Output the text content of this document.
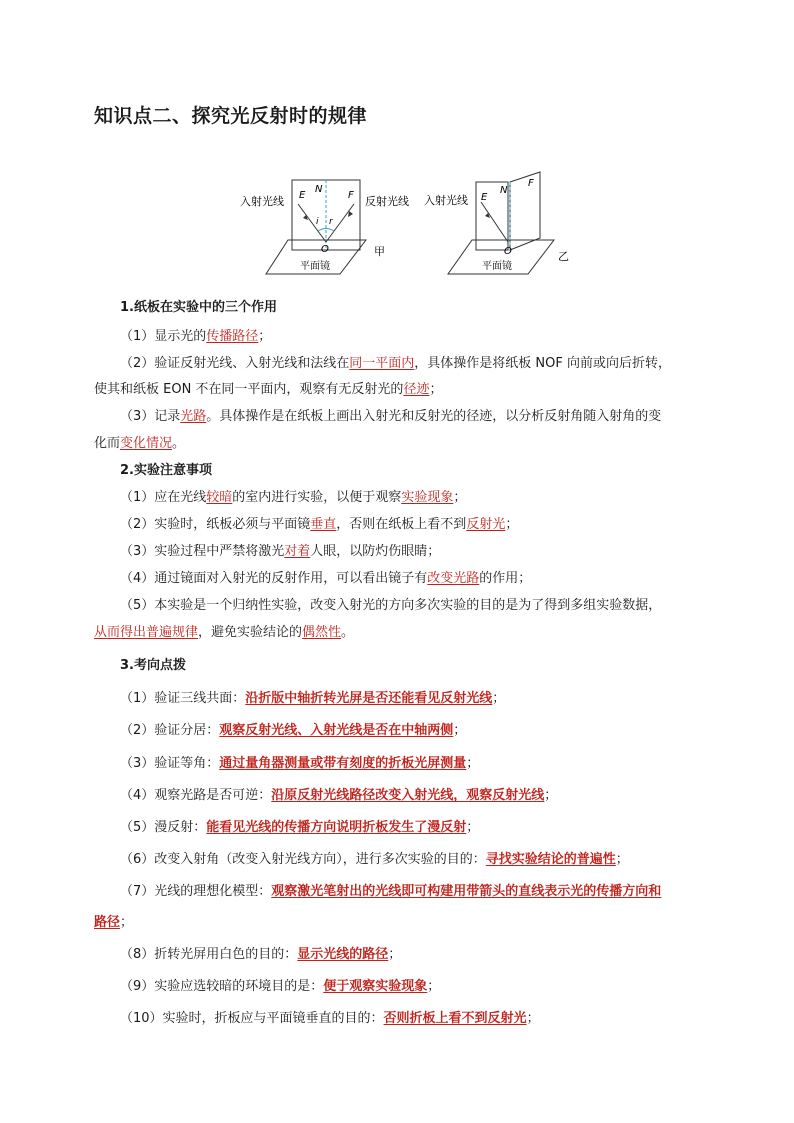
知识点二、探究光反射时的规律
入射光线	反射光线
E
N
F
i r
O
平面镜
甲
入射光线 E
N
F
O
平面镜
乙
1.纸板在实验中的三个作用
（1）显示光的传播路径；
（2）验证反射光线、入射光线和法线在同一平面内，具体操作是将纸板 NOF 向前或向后折转，
使其和纸板 EON 不在同一平面内，观察有无反射光的径迹；
（3）记录光路。具体操作是在纸板上画出入射光和反射光的径迹，以分析反射角随入射角的变
化而变化情况。
2.实验注意事项
（1）应在光线较暗的室内进行实验，以便于观察实验现象；
（2）实验时，纸板必须与平面镜垂直，否则在纸板上看不到反射光；
（3）实验过程中严禁将激光对着人眼，以防灼伤眼睛；
（4）通过镜面对入射光的反射作用，可以看出镜子有改变光路的作用；
（5）本实验是一个归纳性实验，改变入射光的方向多次实验的目的是为了得到多组实验数据，
从而得出普遍规律，避免实验结论的偶然性。
3.考向点拨
（1）验证三线共面：沿折版中轴折转光屏是否还能看见反射光线；
（2）验证分居：观察反射光线、入射光线是否在中轴两侧；
（3）验证等角：通过量角器测量或带有刻度的折板光屏测量；
（4）观察光路是否可逆：沿原反射光线路径改变入射光线，观察反射光线；
（5）漫反射：能看见光线的传播方向说明折板发生了漫反射；
（6）改变入射角（改变入射光线方向），进行多次实验的目的：寻找实验结论的普遍性；
（7）光线的理想化模型：观察激光笔射出的光线即可构建用带箭头的直线表示光的传播方向和
路径；
（8）折转光屏用白色的目的：显示光线的路径；
（9）实验应选较暗的环境目的是：便于观察实验现象；
（10）实验时，折板应与平面镜垂直的目的：否则折板上看不到反射光；
